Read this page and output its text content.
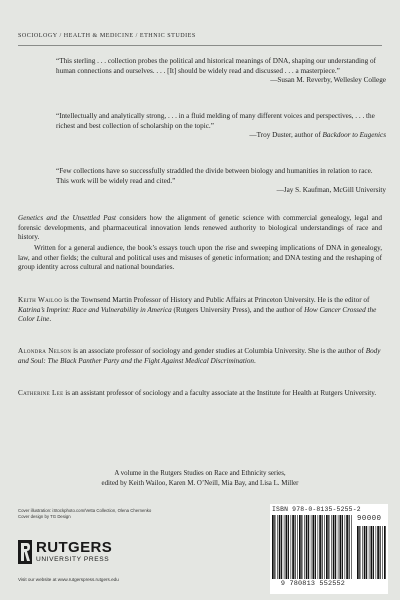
SOCIOLOGY / HEALTH & MEDICINE / ETHNIC STUDIES
“This sterling . . . collection probes the political and historical meanings of DNA, shaping our understanding of human connections and ourselves. . . . [It] should be widely read and discussed . . . a masterpiece.”
—Susan M. Reverby, Wellesley College
“Intellectually and analytically strong, . . . in a fluid melding of many different voices and perspectives, . . . the richest and best collection of scholarship on the topic.”
—Troy Duster, author of Backdoor to Eugenics
“Few collections have so successfully straddled the divide between biology and humanities in relation to race. This work will be widely read and cited.”
—Jay S. Kaufman, McGill University

Genetics and the Unsettled Past considers how the alignment of genetic science with commercial genealogy, legal and forensic developments, and pharmaceutical innovation lends renewed authority to biological understandings of race and history.

Written for a general audience, the book’s essays touch upon the rise and sweeping implications of DNA in genealogy, law, and other fields; the cultural and political uses and misuses of genetic information; and DNA testing and the reshaping of group identity across cultural and national boundaries.

Keith Wailoo is the Townsend Martin Professor of History and Public Affairs at Princeton University. He is the editor of Katrina’s Imprint: Race and Vulnerability in America (Rutgers University Press), and the author of How Cancer Crossed the Color Line.

Alondra Nelson is an associate professor of sociology and gender studies at Columbia University. She is the author of Body and Soul: The Black Panther Party and the Fight Against Medical Discrimination.

Catherine Lee is an assistant professor of sociology and a faculty associate at the Institute for Health at Rutgers University.

A volume in the Rutgers Studies on Race and Ethnicity series,
edited by Keith Wailoo, Karen M. O’Neill, Mia Bay, and Lisa L. Miller

Cover illustration: iStockphoto.com/Vetta Collection, Olena Chernenko
Cover design by TG Design
RUTGERS
UNIVERSITY PRESS
Visit our website at www.rutgerspress.rutgers.edu
ISBN 978-0-8135-5255-2
90000
9 780813 552552
